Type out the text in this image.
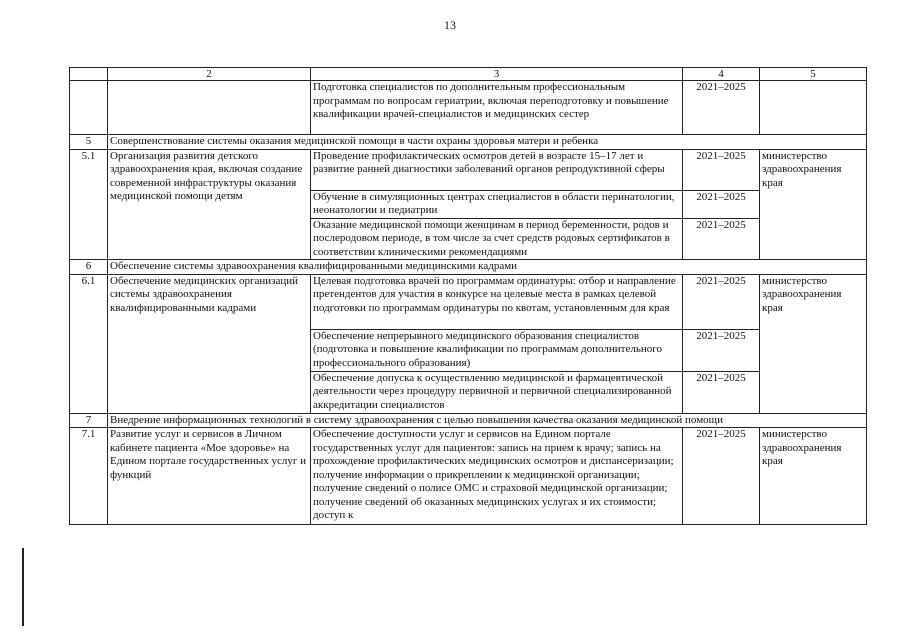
13
	2	3	4	5
		Подготовка специалистов по дополнительным профессиональным программам по вопросам гериатрии, включая переподготовку и повышение квалификации врачей-специалистов и медицинских сестер	2021–2025	
5	Совершенствование системы оказания медицинской помощи в части охраны здоровья матери и ребенка			
5.1	Организация развития детского здравоохранения края, включая создание современной инфраструктуры оказания медицинской помощи детям	Проведение профилактических осмотров детей в возрасте 15–17 лет и развитие ранней диагностики заболеваний органов репродуктивной сферы	2021–2025	министерство здравоохранения края
		Обучение в симуляционных центрах специалистов в области перинатологии, неонатологии и педиатрии	2021–2025	
		Оказание медицинской помощи женщинам в период беременности, родов и послеродовом периоде, в том числе за счет средств родовых сертификатов в соответствии клиническими рекомендациями	2021–2025	
6	Обеспечение системы здравоохранения квалифицированными медицинскими кадрами			
6.1	Обеспечение медицинских организаций системы здравоохранения квалифицированными кадрами	Целевая подготовка врачей по программам ординатуры: отбор и направление претендентов для участия в конкурсе на целевые места в рамках целевой подготовки по программам ординатуры по квотам, установленным для края	2021–2025	министерство здравоохранения края
		Обеспечение непрерывного медицинского образования специалистов (подготовка и повышение квалификации по программам дополнительного профессионального образования)	2021–2025	
		Обеспечение допуска к осуществлению медицинской и фармацевтической деятельности через процедуру первичной и первичной специализированной аккредитации специалистов	2021–2025	
7	Внедрение информационных технологий в систему здравоохранения с целью повышения качества оказания медицинской помощи			
7.1	Развитие услуг и сервисов в Личном кабинете пациента «Мое здоровье» на Едином портале государственных услуг и функций	Обеспечение доступности услуг и сервисов на Едином портале государственных услуг для пациентов: запись на прием к врачу; запись на прохождение профилактических медицинских осмотров и диспансеризации; получение информации о прикреплении к медицинской организации; получение сведений о полисе ОМС и страховой медицинской организации; получение сведений об оказанных медицинских услугах и их стоимости; доступ к	2021–2025	министерство здравоохранения края
